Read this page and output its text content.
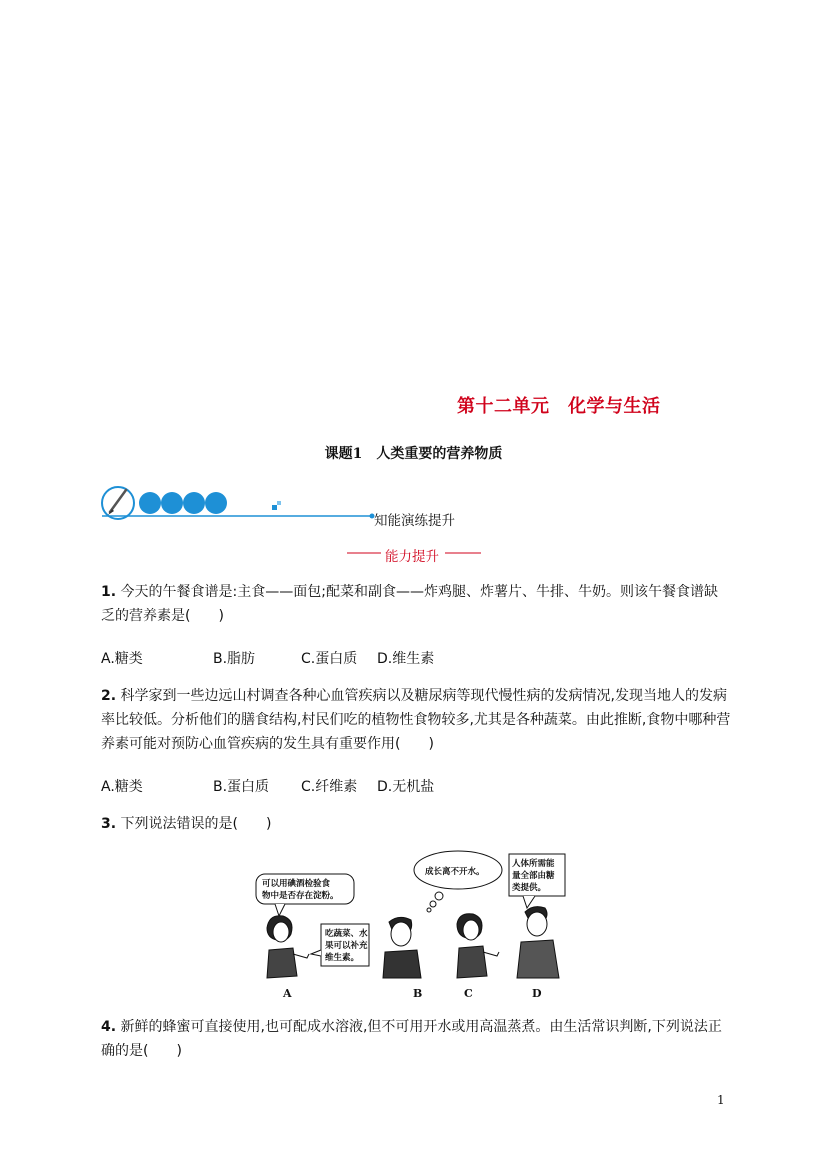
第十二单元　化学与生活
课题1　人类重要的营养物质
知能演练提升
能力提升
1. 今天的午餐食谱是:主食——面包;配菜和副食——炸鸡腿、炸薯片、牛排、牛奶。则该午餐食谱缺乏的营养素是(　　)
A.糖类	B.脂肪	C.蛋白质 D.维生素
2. 科学家到一些边远山村调查各种心血管疾病以及糖尿病等现代慢性病的发病情况,发现当地人的发病率比较低。分析他们的膳食结构,村民们吃的植物性食物较多,尤其是各种蔬菜。由此推断,食物中哪种营养素可能对预防心血管疾病的发生具有重要作用(　　)
A.糖类	B.蛋白质 C.纤维素 D.无机盐
3. 下列说法错误的是(　　)
可以用碘酒检验食
物中是否存在淀粉。
吃蔬菜、水
果可以补充
维生素。
成长离不开水。
人体所需能
量全部由糖
类提供。
A	B	C	D
4. 新鲜的蜂蜜可直接使用,也可配成水溶液,但不可用开水或用高温蒸煮。由生活常识判断,下列说法正确的是(　　)
1
